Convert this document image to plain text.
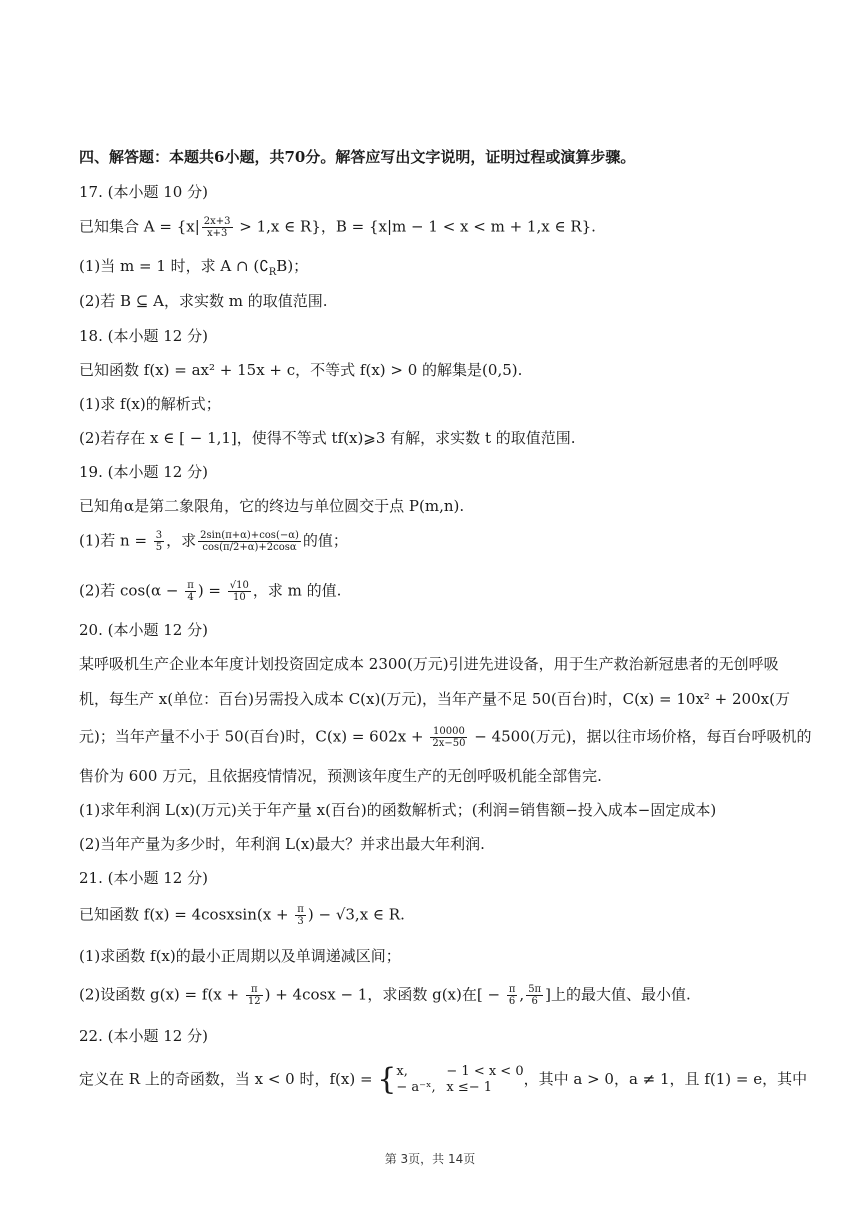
四、解答题：本题共6小题，共70分。解答应写出文字说明，证明过程或演算步骤。
17. (本小题 10 分)
已知集合 $A = \{x| \frac{2x+3}{x+3} > 1,x$ ∈ R}，B = {x|m − 1 < x < m + 1,x ∈ R}.
(1)当 m = 1 时，求 A ∩ $(∁_RB)$；
(2)若 B ⊆ A，求实数 m 的取值范围.
18. (本小题 12 分)
已知函数 f(x) = ax² + 15x + c，不等式 f(x) > 0 的解集是(0,5).
(1)求 f(x)的解析式；
(2)若存在 x ∈ [ − 1,1]，使得不等式 tf(x)⩾3 有解，求实数 t 的取值范围.
19. (本小题 12 分)
已知角α是第二象限角，它的终边与单位圆交于点 P(m,n).
(1)若 $n = \frac{3}{5}$ ，求 $\frac{2\sin(\pi+\alpha)+\cos(-\alpha)}{\cos(\pi/2+\alpha)+2\cos\alpha}$ 的值；
(2)若 $\cos(\alpha - \frac{\pi}{4}$ ) = $\frac{√10}{10}$ ，求 m 的值.
20. (本小题 12 分)
某呼吸机生产企业本年度计划投资固定成本 2300(万元)引进先进设备，用于生产救治新冠患者的无创呼吸
机，每生产 x(单位：百台)另需投入成本 C(x)(万元)，当年产量不足 50(百台)时，C(x) = 10x² + 200x(万
元)；当年产量不小于 50(百台)时，$C(x) = 602x + \frac{10000}{2x-50} - 4500$(万元)，据以往市场价格，每百台呼吸机的
售价为 600 万元，且依据疫情情况，预测该年度生产的无创呼吸机能全部售完.
(1)求年利润 L(x)(万元)关于年产量 x(百台)的函数解析式；(利润=销售额−投入成本−固定成本)
(2)当年产量为多少时，年利润 L(x)最大？并求出最大年利润.
21. (本小题 12 分)
已知函数 f(x) = 4cosxsin(x + $\frac{\pi}{3}$ ) − √3,x ∈ R.
(1)求函数 f(x)的最小正周期以及单调递减区间；
(2)设函数 $g(x) = f(x + \frac{\pi}{12}$ ) + 4cosx − 1，求函数 g(x)在[ − $\frac{\pi}{6}$ , $\frac{5\pi}{6}$ ]上的最大值、最小值.
22. (本小题 12 分)
定义在 R 上的奇函数，当 x < 0 时，f(x) = { x,	− 1 < x < 0
− a⁻ˣ, x ≤− 1	，其中 a > 0，a ≠ 1，且 f(1) = e，其中
第 3页，共 14页
